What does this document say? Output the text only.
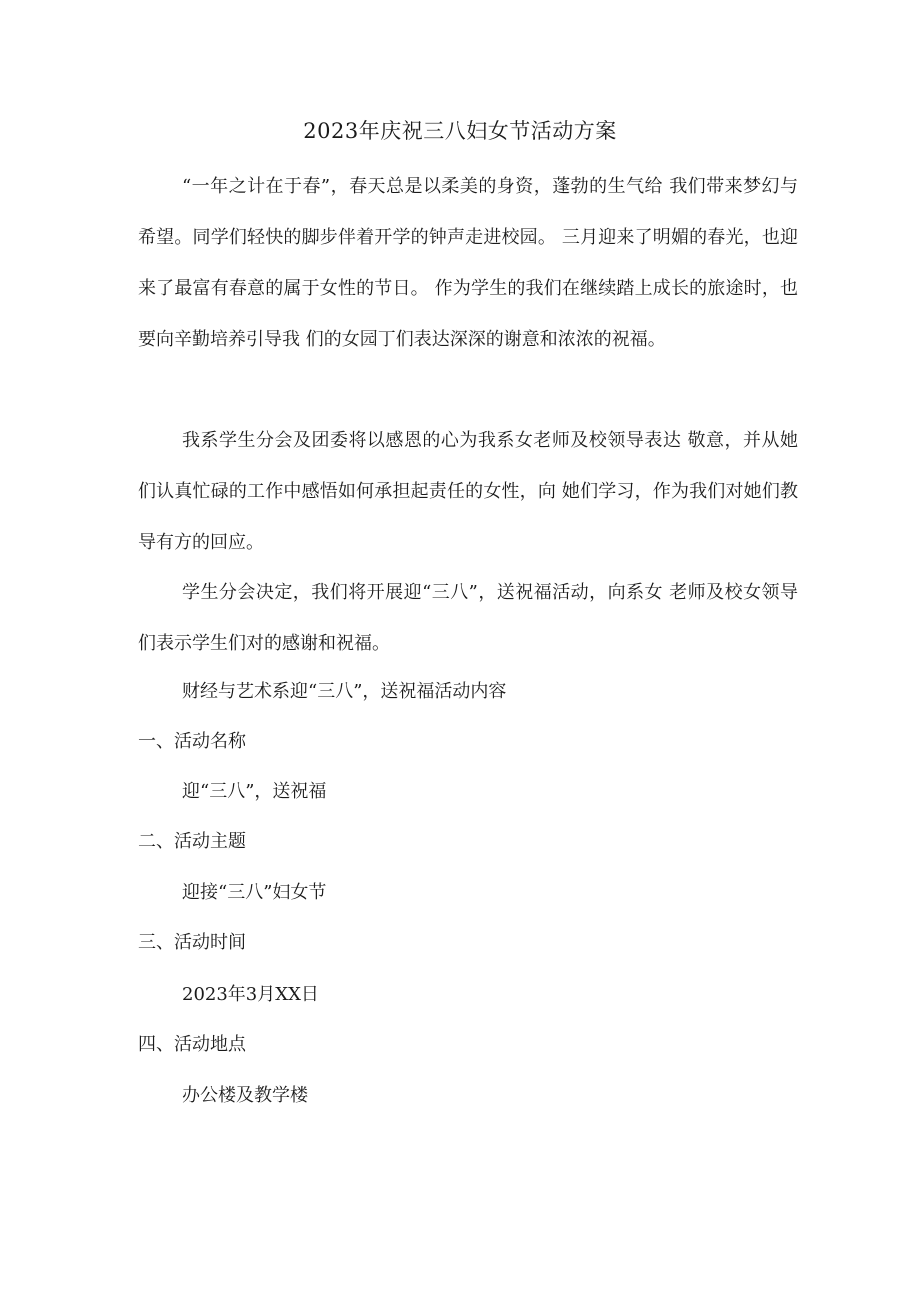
2023年庆祝三八妇女节活动方案

“一年之计在于春”，春天总是以柔美的身资，蓬勃的生气给 我们带来梦幻与希望。同学们轻快的脚步伴着开学的钟声走进校园。 三月迎来了明媚的春光，也迎来了最富有春意的属于女性的节日。 作为学生的我们在继续踏上成长的旅途时，也要向辛勤培养引导我 们的女园丁们表达深深的谢意和浓浓的祝福。

我系学生分会及团委将以感恩的心为我系女老师及校领导表达 敬意，并从她们认真忙碌的工作中感悟如何承担起责任的女性，向 她们学习，作为我们对她们教导有方的回应。

学生分会决定，我们将开展迎“三八”，送祝福活动，向系女 老师及校女领导们表示学生们对的感谢和祝福。

财经与艺术系迎“三八”，送祝福活动内容
一、活动名称
迎“三八”，送祝福
二、活动主题
迎接“三八”妇女节
三、活动时间
2023年3月XX日
四、活动地点
办公楼及教学楼
